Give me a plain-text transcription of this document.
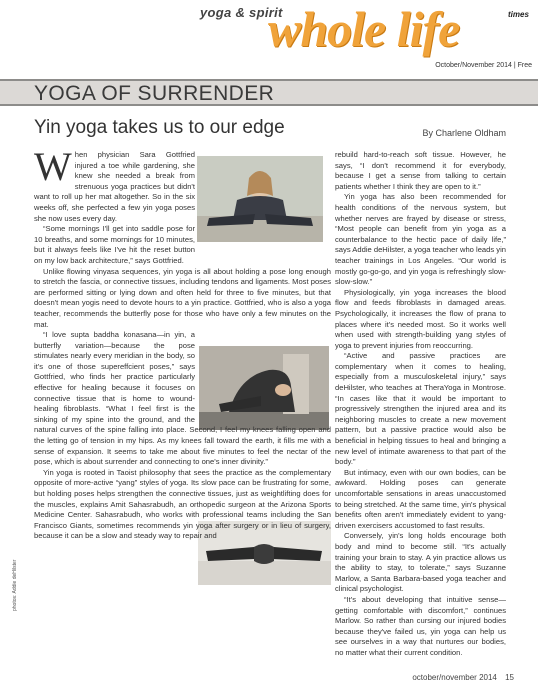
yoga & spirit
whole life	times
October/November 2014 | Free
YOGA OF SURRENDER
Yin yoga takes us to our edge	By Charlene Oldham
W hen physician Sara Gottfried injured a toe while gardening, she knew she needed a break from strenuous yoga practices but didn't want to roll up her mat altogether. So in the six weeks off, she perfected a few yin yoga poses she now uses every day.

“Some mornings I'll get into saddle pose for 10 breaths, and some mornings for 10 minutes, but it always feels like I've hit the reset button on my low back architecture,” says Gottfried.

Unlike flowing vinyasa sequences, yin yoga is all about holding a pose long enough to stretch the fascia, or connective tissues, including tendons and ligaments. Most poses are performed sitting or lying down and often held for three to five minutes, but that doesn't mean yogis need to devote hours to a yin practice. Gottfried, who is also a yoga teacher, recommends the butterfly pose for those who have only a few minutes on the mat.

“I love supta baddha konasana—in yin, a butterfly variation—because the pose stimulates nearly every meridian in the body, so it's one of those supereffcient poses,” says Gottfried, who finds her practice particularly effective for healing because it focuses on connective tissue that is home to wound-healing fibroblasts. “What I feel first is the sinking of my spine into the ground, and the natural curves of the spine falling into place. Second, I feel my knees falling open and the letting go of tension in my hips. As my knees fall toward the earth, it fills me with a sense of expansion. It seems to take me about five minutes to feel the nectar of the pose, which is about surrender and connecting to one's inner divinity.”

Yin yoga is rooted in Taoist philosophy that sees the practice as the complementary opposite of more-active “yang” styles of yoga. Its slow pace can be frustrating for some, but holding poses helps strengthen the connective tissues, just as weightlifting does for the muscles, explains Amit Sahasrabudh, an orthopedic surgeon at the Arizona Sports Medicine Center. Sahasrabudh, who works with professional teams including the San Francisco Giants, sometimes recommends yin yoga after surgery or in lieu of surgery, because it can be a slow and steady way to repair and

rebuild hard-to-reach soft tissue. However, he says, “I don't recommend it for everybody, because I get a sense from talking to certain patients whether I think they are open to it.”

Yin yoga has also been recommended for health conditions of the nervous system, but whether nerves are frayed by disease or stress, “Most people can benefit from yin yoga as a counterbalance to the hectic pace of daily life,” says Addie deHilster, a yoga teacher who leads yin teacher trainings in Los Angeles. “Our world is mostly go-go-go, and yin yoga is refreshingly slow-slow-slow.”

Physiologically, yin yoga increases the blood flow and feeds fibroblasts in damaged areas. Psychologically, it increases the flow of prana to places where it's needed most. So it works well when used with strength-building yang styles of yoga to prevent injuries from reoccurring.

“Active and passive practices are complementary when it comes to healing, especially from a musculoskeletal injury,” says deHilster, who teaches at TheraYoga in Montrose. “In cases like that it would be important to progressively strengthen the injured area and its neighboring muscles to create a new movement pattern, but a passive practice would also be beneficial in helping tissues to heal and bringing a new level of intimate awareness to that part of the body.”

But intimacy, even with our own bodies, can be awkward. Holding poses can generate uncomfortable sensations in areas unaccustomed to being stretched. At the same time, yin's physical benefits often aren't immediately evident to yang-driven exercisers accustomed to fast results.

Conversely, yin's long holds encourage both body and mind to become still. “It's actually training your brain to stay. A yin practice allows us the ability to stay, to tolerate,” says Suzanne Marlow, a Santa Barbara-based yoga teacher and clinical psychologist.

“It's about developing that intuitive sense—getting comfortable with discomfort,” continues Marlow. So rather than cursing our injured bodies because they've failed us, yin yoga can help us see ourselves in a way that nurtures our bodies, no matter what their current condition.

photos: Addie deHilster
october/november 2014 15
